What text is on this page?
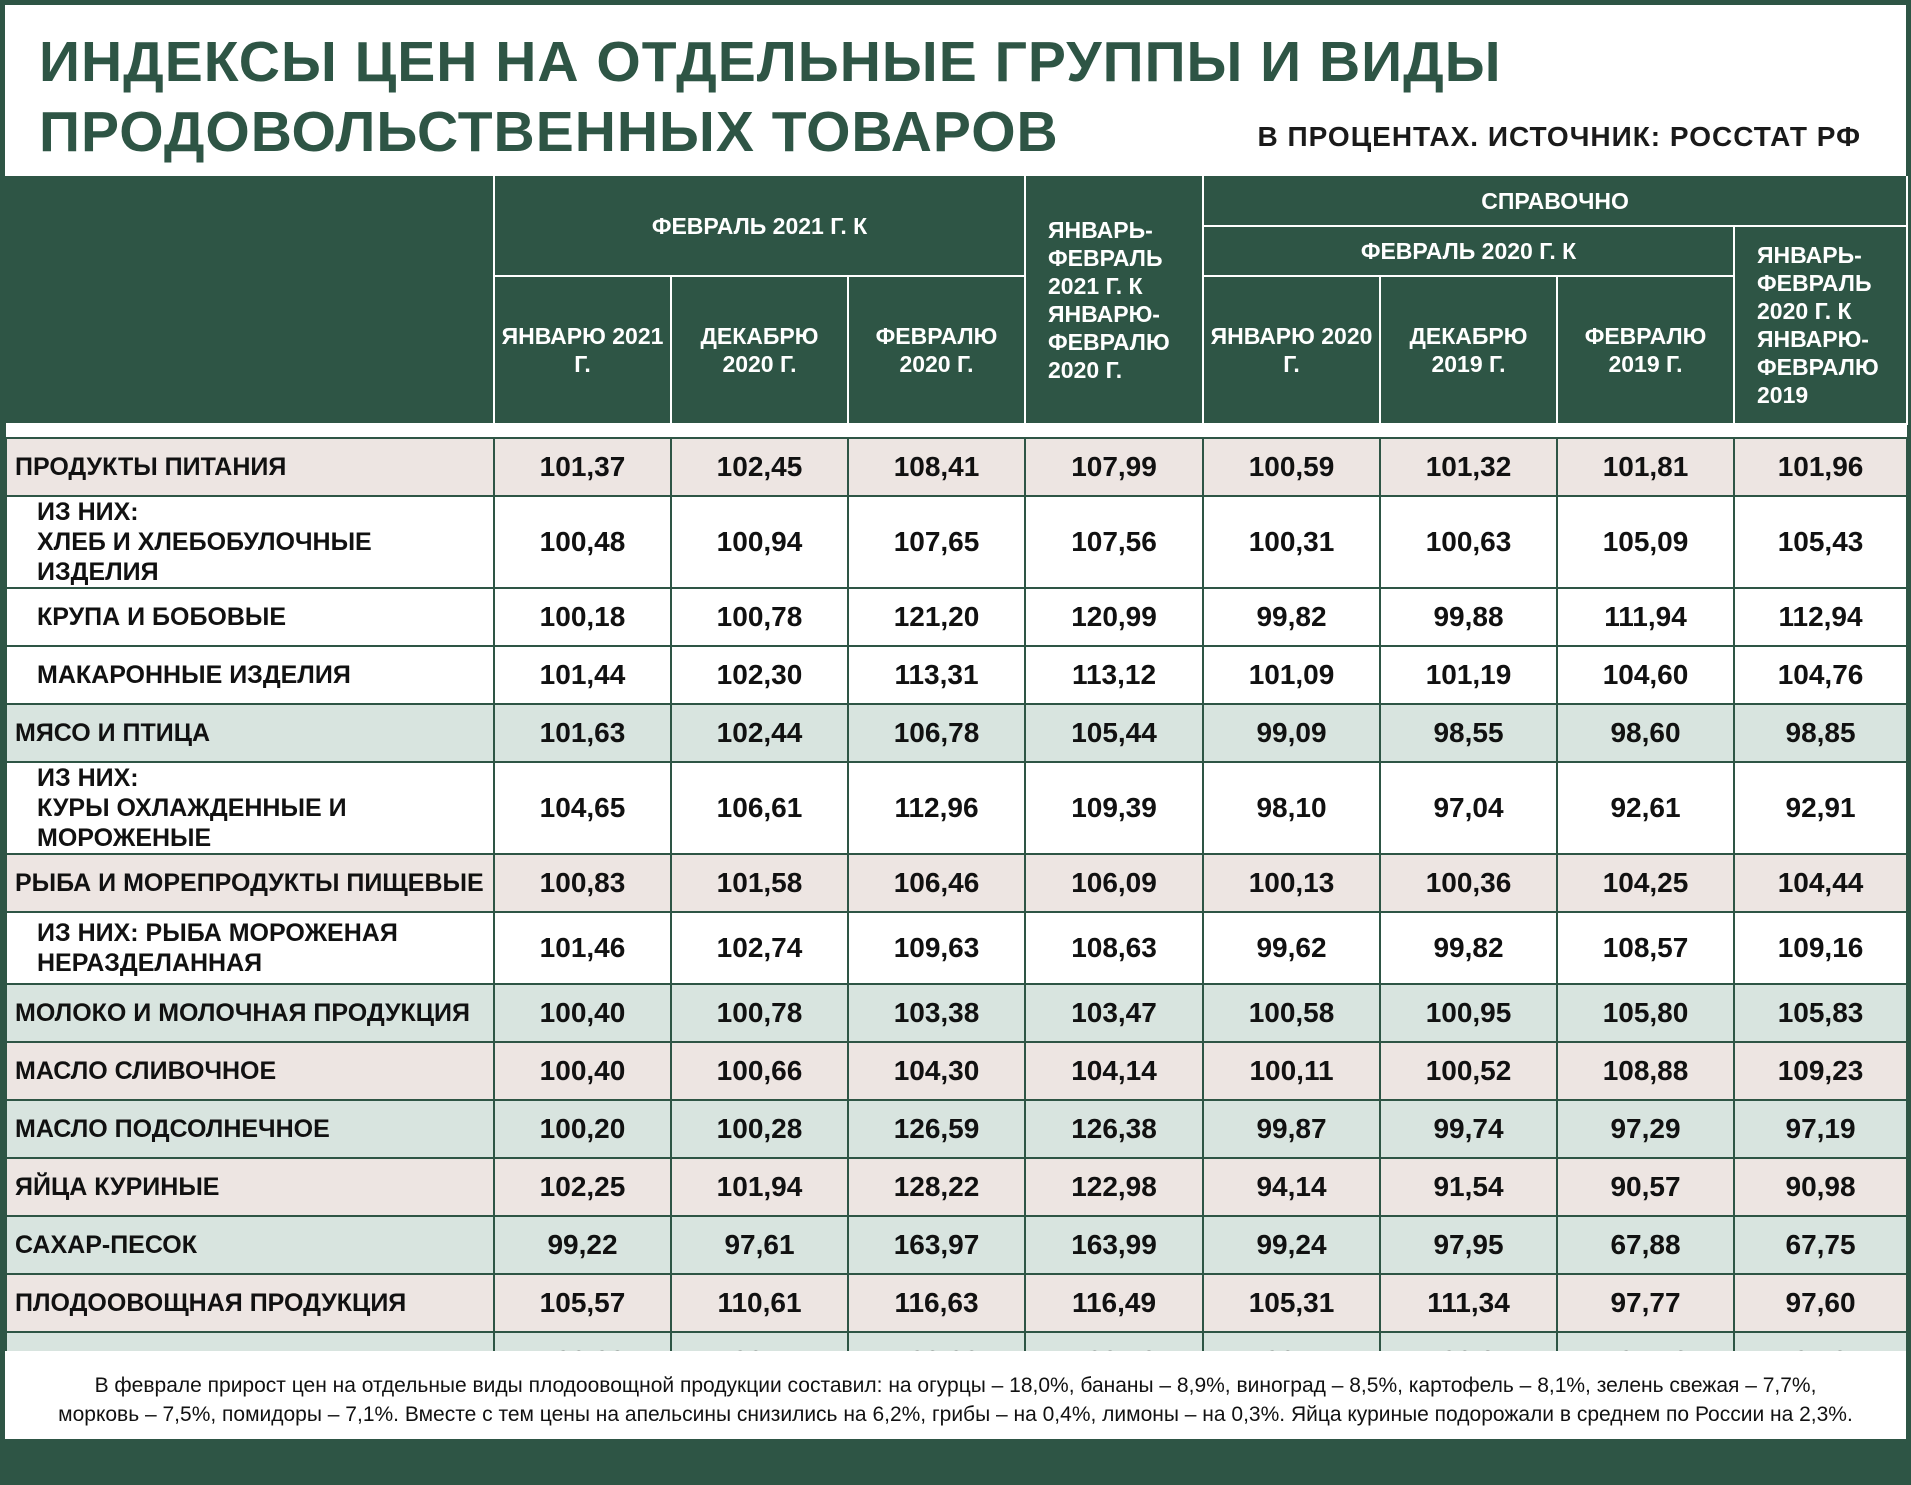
ИНДЕКСЫ ЦЕН НА ОТДЕЛЬНЫЕ ГРУППЫ И ВИДЫ
ПРОДОВОЛЬСТВЕННЫХ ТОВАРОВ	В ПРОЦЕНТАХ. ИСТОЧНИК: РОССТАТ РФ
	ФЕВРАЛЬ 2021 Г. К			ЯНВАРЬ-ФЕВРАЛЬ 2021 Г. К ЯНВАРЮ-ФЕВРАЛЮ 2020 Г.	СПРАВОЧНО			
					ФЕВРАЛЬ 2020 Г. К			ЯНВАРЬ-ФЕВРАЛЬ 2020 Г. К ЯНВАРЮ-ФЕВРАЛЮ 2019
	ЯНВАРЮ 2021 Г.	ДЕКАБРЮ 2020 Г.	ФЕВРАЛЮ 2020 Г.		ЯНВАРЮ 2020 Г.	ДЕКАБРЮ 2019 Г.	ФЕВРАЛЮ 2019 Г.	

ПРОДУКТЫ ПИТАНИЯ	101,37	102,45	108,41	107,99	100,59	101,32	101,81	101,96

ИЗ НИХ:
ХЛЕБ И ХЛЕБОБУЛОЧНЫЕ ИЗДЕЛИЯ	100,48	100,94	107,65	107,56	100,31	100,63	105,09	105,43
КРУПА И БОБОВЫЕ	100,18	100,78	121,20	120,99	99,82	99,88	111,94	112,94
МАКАРОННЫЕ ИЗДЕЛИЯ	101,44	102,30	113,31	113,12	101,09	101,19	104,60	104,76
МЯСО И ПТИЦА	101,63	102,44	106,78	105,44	99,09	98,55	98,60	98,85

ИЗ НИХ:
КУРЫ ОХЛАЖДЕННЫЕ И МОРОЖЕНЫЕ	104,65	106,61	112,96	109,39	98,10	97,04	92,61	92,91
РЫБА И МОРЕПРОДУКТЫ ПИЩЕВЫЕ	100,83	101,58	106,46	106,09	100,13	100,36	104,25	104,44

ИЗ НИХ: РЫБА МОРОЖЕНАЯ
НЕРАЗДЕЛАННАЯ	101,46	102,74	109,63	108,63	99,62	99,82	108,57	109,16
МОЛОКО И МОЛОЧНАЯ ПРОДУКЦИЯ	100,40	100,78	103,38	103,47	100,58	100,95	105,80	105,83
МАСЛО СЛИВОЧНОЕ	100,40	100,66	104,30	104,14	100,11	100,52	108,88	109,23
МАСЛО ПОДСОЛНЕЧНОЕ	100,20	100,28	126,59	126,38	99,87	99,74	97,29	97,19
ЯЙЦА КУРИНЫЕ	102,25	101,94	128,22	122,98	94,14	91,54	90,57	90,98
САХАР-ПЕСОК	99,22	97,61	163,97	163,99	99,24	97,95	67,88	67,75
ПЛОДООВОЩНАЯ ПРОДУКЦИЯ	105,57	110,61	116,63	116,49	105,31	111,34	97,77	97,60

В феврале прирост цен на отдельные виды плодоовощной продукции составил: на огурцы – 18,0%, бананы – 8,9%, виноград – 8,5%, картофель – 8,1%, зелень свежая – 7,7%,
морковь – 7,5%, помидоры – 7,1%. Вместе с тем цены на апельсины снизились на 6,2%, грибы – на 0,4%, лимоны – на 0,3%. Яйца куриные подорожали в среднем по России на 2,3%.
